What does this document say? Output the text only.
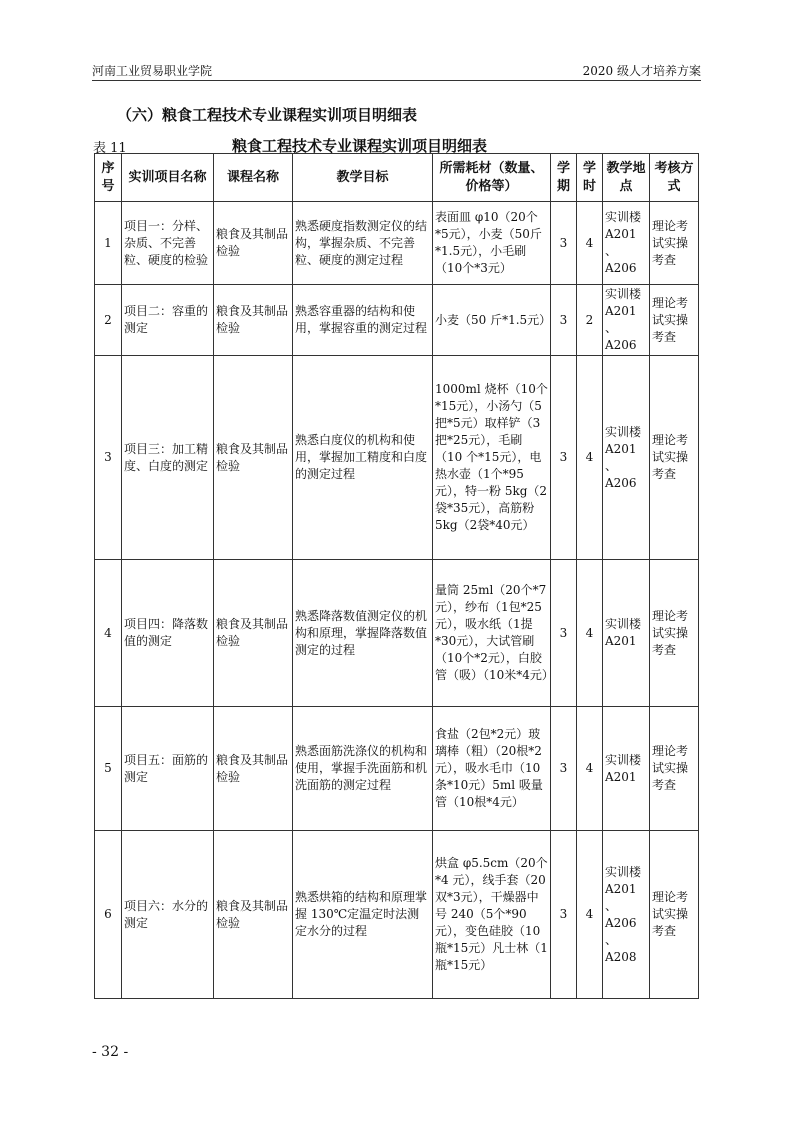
河南工业贸易职业学院	2020 级人才培养方案
（六）粮食工程技术专业课程实训项目明细表
表 11	粮食工程技术专业课程实训项目明细表
序号	实训项目名称	课程名称	教学目标	所需耗材（数量、价格等）	学期	学时	教学地点	考核方式
1	项目一：分样、杂质、不完善粒、硬度的检验	粮食及其制品检验	熟悉硬度指数测定仪的结构，掌握杂质、不完善粒、硬度的测定过程	表面皿 φ10（20个*5元），小麦（50斤*1.5元），小毛刷（10个*3元）	3	4	实训楼A201、A206	理论考试实操考查
2	项目二：容重的测定	粮食及其制品检验	熟悉容重器的结构和使用，掌握容重的测定过程	小麦（50 斤*1.5元）	3	2	实训楼A201、A206	理论考试实操考查
3	项目三：加工精度、白度的测定	粮食及其制品检验	熟悉白度仪的机构和使用，掌握加工精度和白度的测定过程	1000ml 烧杯（10个*15元），小汤勺（5把*5元）取样铲（3 把*25元），毛刷（10 个*15元），电热水壶（1个*95元），特一粉 5kg（2袋*35元），高筋粉 5kg（2袋*40元）	3	4	实训楼A201、A206	理论考试实操考查
4	项目四：降落数值的测定	粮食及其制品检验	熟悉降落数值测定仪的机构和原理，掌握降落数值测定的过程	量筒 25ml（20个*7元），纱布（1包*25元），吸水纸（1提*30元），大试管刷（10个*2元），白胶管（吸）（10米*4元）	3	4	实训楼A201	理论考试实操考查
5	项目五：面筋的测定	粮食及其制品检验	熟悉面筋洗涤仪的机构和使用，掌握手洗面筋和机洗面筋的测定过程	食盐（2包*2元）玻璃棒（粗）（20根*2元），吸水毛巾（10条*10元）5ml 吸量管（10根*4元）	3	4	实训楼A201	理论考试实操考查
6	项目六：水分的测定	粮食及其制品检验	熟悉烘箱的结构和原理掌握 130℃定温定时法测定水分的过程	烘盒 φ5.5cm（20个*4 元），线手套（20双*3元），干燥器中号 240（5个*90元），变色硅胶（10瓶*15元）凡士林（1 瓶*15元）	3	4	实训楼A201、A206、A208	理论考试实操考查
- 32 -
